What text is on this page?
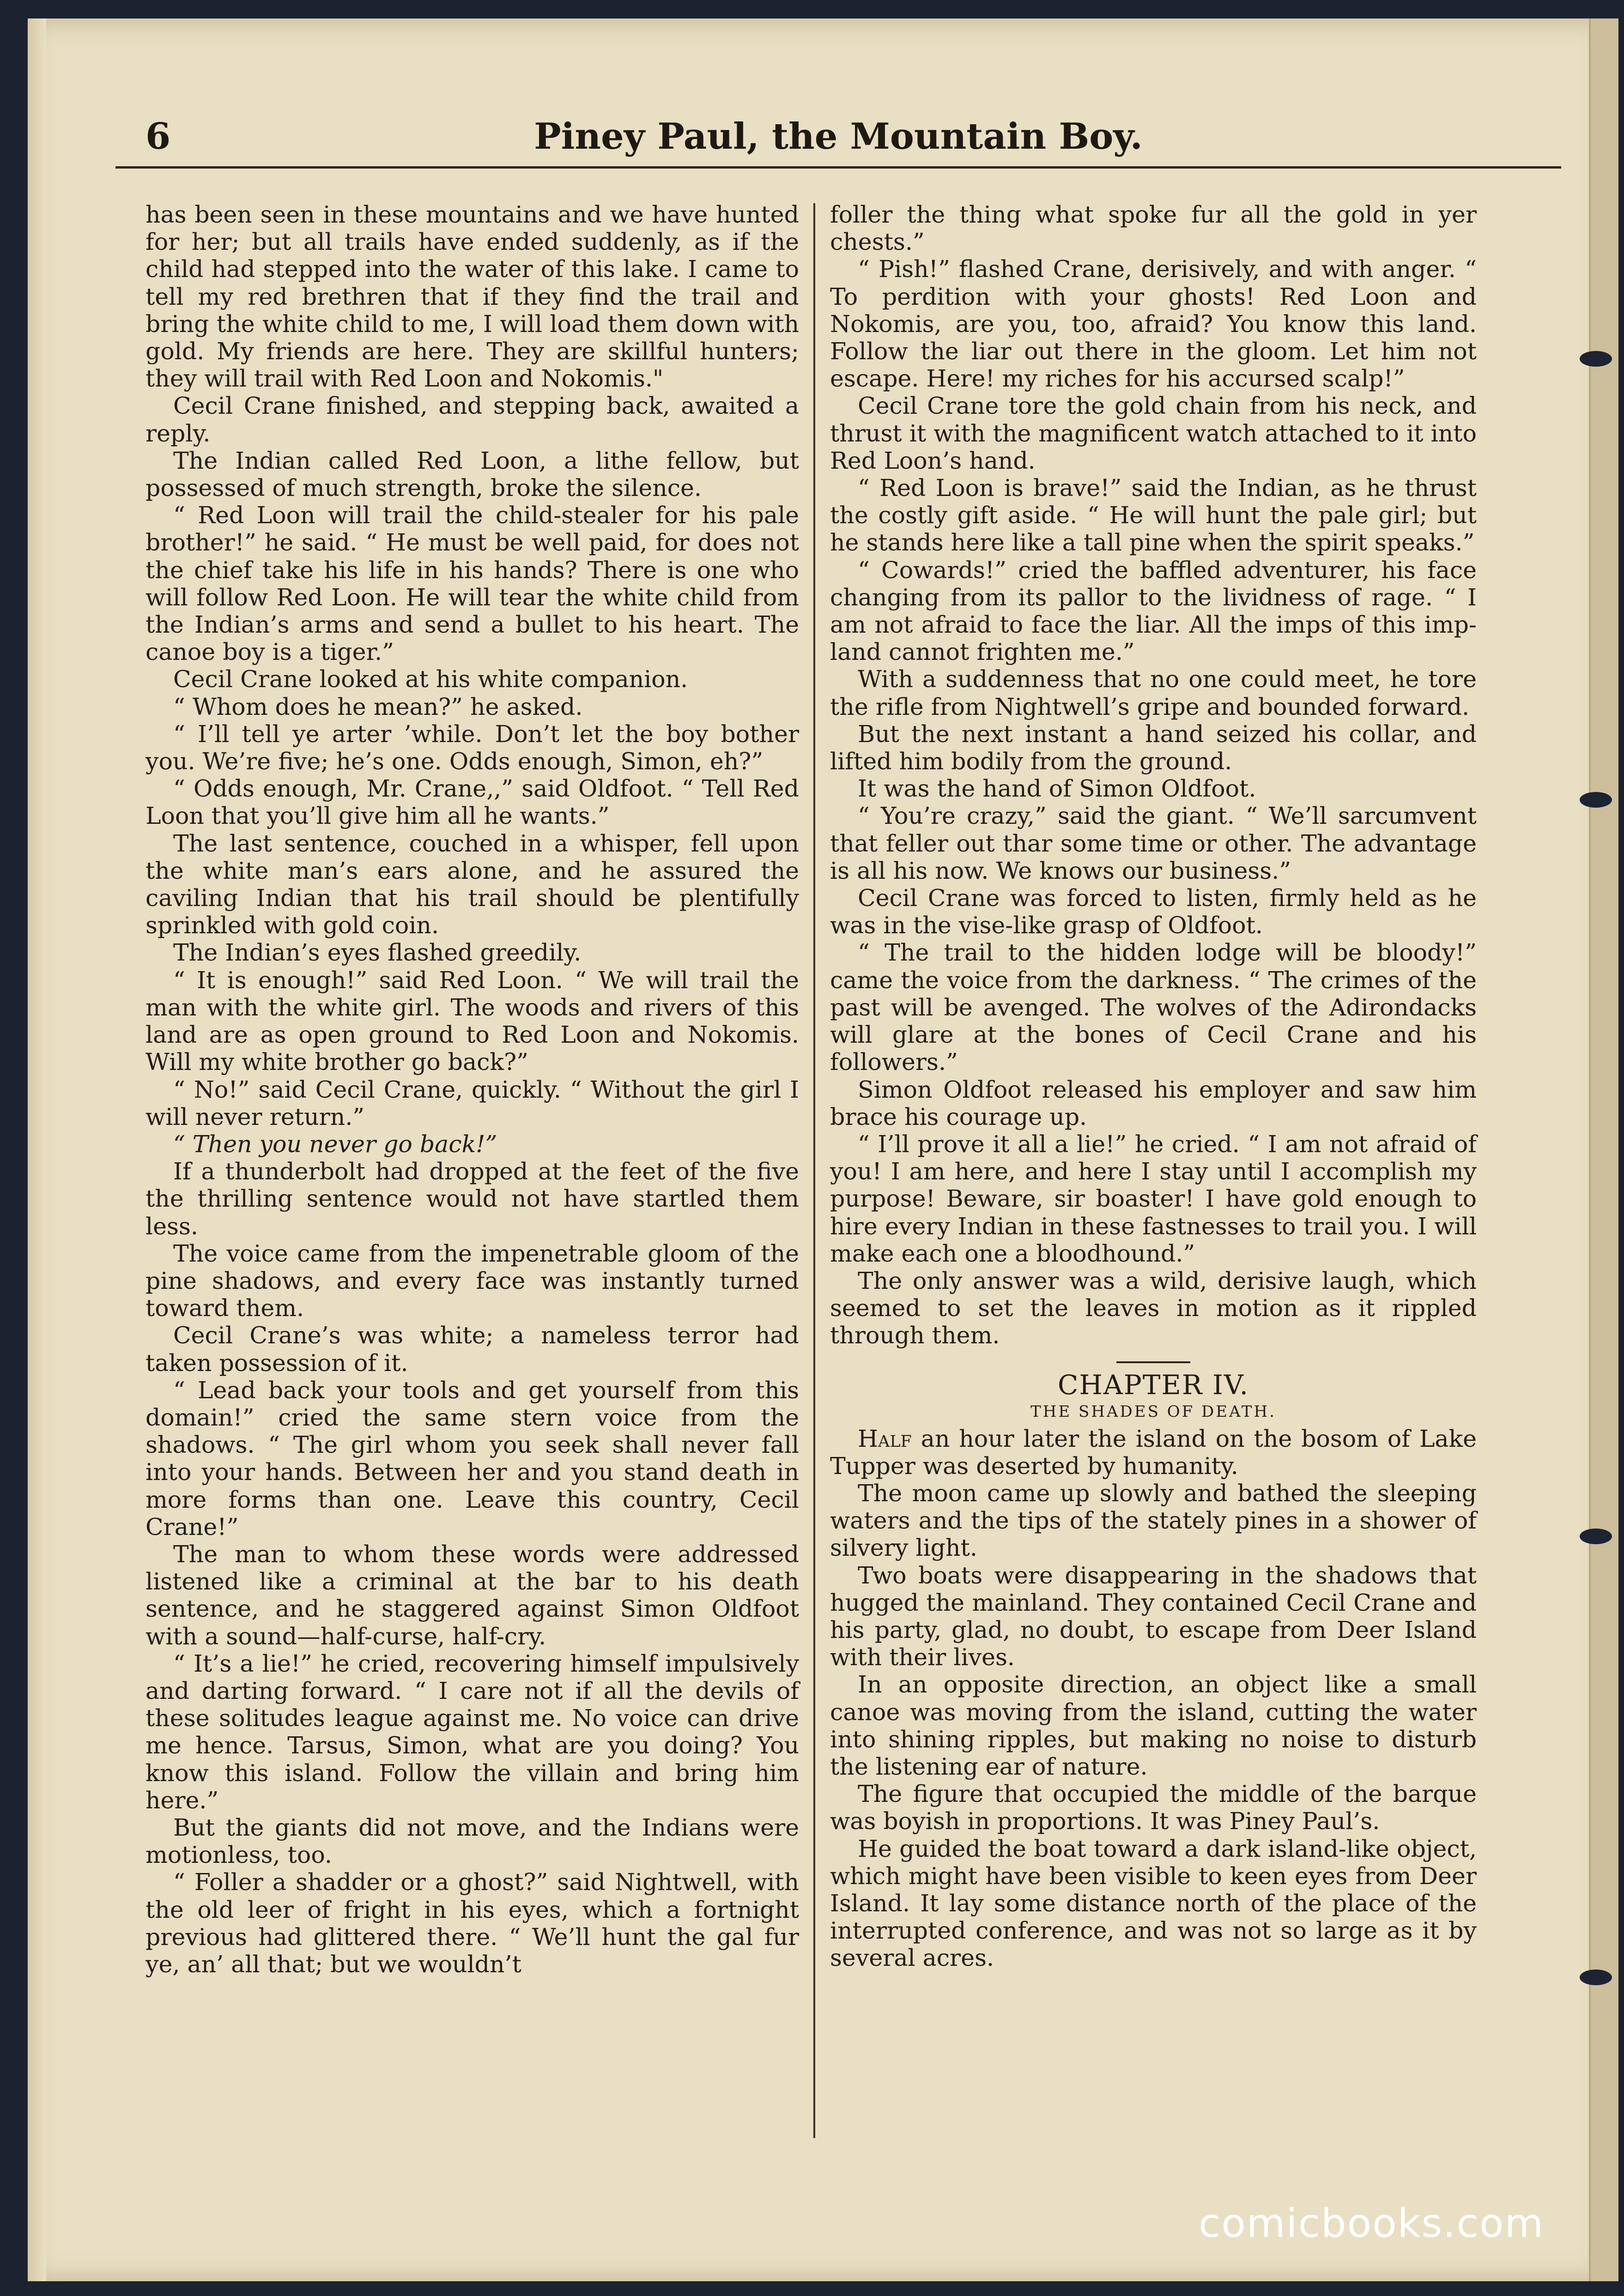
6	Piney Paul, the Mountain Boy.

has been seen in these mountains and we have hunted for her; but all trails have ended suddenly, as if the child had stepped into the water of this lake. I came to tell my red brethren that if they find the trail and bring the white child to me, I will load them down with gold. My friends are here. They are skillful hunters; they will trail with Red Loon and Nokomis."

Cecil Crane finished, and stepping back, awaited a reply.

The Indian called Red Loon, a lithe fellow, but possessed of much strength, broke the silence.

“ Red Loon will trail the child-stealer for his pale brother!” he said. “ He must be well paid, for does not the chief take his life in his hands? There is one who will follow Red Loon. He will tear the white child from the Indian’s arms and send a bullet to his heart. The canoe boy is a tiger.”

Cecil Crane looked at his white companion.

“ Whom does he mean?” he asked.

“ I’ll tell ye arter ’while. Don’t let the boy bother you. We’re five; he’s one. Odds enough, Simon, eh?”

“ Odds enough, Mr. Crane,,” said Oldfoot. “ Tell Red Loon that you’ll give him all he wants.”

The last sentence, couched in a whisper, fell upon the white man’s ears alone, and he assured the caviling Indian that his trail should be plentifully sprinkled with gold coin.

The Indian’s eyes flashed greedily.

“ It is enough!” said Red Loon. “ We will trail the man with the white girl. The woods and rivers of this land are as open ground to Red Loon and Nokomis. Will my white brother go back?”

“ No!” said Cecil Crane, quickly. “ Without the girl I will never return.”

“ Then you never go back!”

If a thunderbolt had dropped at the feet of the five the thrilling sentence would not have startled them less.

The voice came from the impenetrable gloom of the pine shadows, and every face was instantly turned toward them.

Cecil Crane’s was white; a nameless terror had taken possession of it.

“ Lead back your tools and get yourself from this domain!” cried the same stern voice from the shadows. “ The girl whom you seek shall never fall into your hands. Between her and you stand death in more forms than one. Leave this country, Cecil Crane!”

The man to whom these words were addressed listened like a criminal at the bar to his death sentence, and he staggered against Simon Oldfoot with a sound—half-curse, half-cry.

“ It’s a lie!” he cried, recovering himself impulsively and darting forward. “ I care not if all the devils of these solitudes league against me. No voice can drive me hence. Tarsus, Simon, what are you doing? You know this island. Follow the villain and bring him here.”

But the giants did not move, and the Indians were motionless, too.

“ Foller a shadder or a ghost?” said Nightwell, with the old leer of fright in his eyes, which a fortnight previous had glittered there. “ We’ll hunt the gal fur ye, an’ all that; but we wouldn’t

foller the thing what spoke fur all the gold in yer chests.”

“ Pish!” flashed Crane, derisively, and with anger. “ To perdition with your ghosts! Red Loon and Nokomis, are you, too, afraid? You know this land. Follow the liar out there in the gloom. Let him not escape. Here! my riches for his accursed scalp!”

Cecil Crane tore the gold chain from his neck, and thrust it with the magnificent watch attached to it into Red Loon’s hand.

“ Red Loon is brave!” said the Indian, as he thrust the costly gift aside. “ He will hunt the pale girl; but he stands here like a tall pine when the spirit speaks.”

“ Cowards!” cried the baffled adventurer, his face changing from its pallor to the lividness of rage. “ I am not afraid to face the liar. All the imps of this imp-land cannot frighten me.”

With a suddenness that no one could meet, he tore the rifle from Nightwell’s gripe and bounded forward.

But the next instant a hand seized his collar, and lifted him bodily from the ground.

It was the hand of Simon Oldfoot.

“ You’re crazy,” said the giant. “ We’ll sarcumvent that feller out thar some time or other. The advantage is all his now. We knows our business.”

Cecil Crane was forced to listen, firmly held as he was in the vise-like grasp of Oldfoot.

“ The trail to the hidden lodge will be bloody!” came the voice from the darkness. “ The crimes of the past will be avenged. The wolves of the Adirondacks will glare at the bones of Cecil Crane and his followers.”

Simon Oldfoot released his employer and saw him brace his courage up.

“ I’ll prove it all a lie!” he cried. “ I am not afraid of you! I am here, and here I stay until I accomplish my purpose! Beware, sir boaster! I have gold enough to hire every Indian in these fastnesses to trail you. I will make each one a bloodhound.”

The only answer was a wild, derisive laugh, which seemed to set the leaves in motion as it rippled through them.

CHAPTER IV.
THE SHADES OF DEATH.

Half an hour later the island on the bosom of Lake Tupper was deserted by humanity.

The moon came up slowly and bathed the sleeping waters and the tips of the stately pines in a shower of silvery light.

Two boats were disappearing in the shadows that hugged the mainland. They contained Cecil Crane and his party, glad, no doubt, to escape from Deer Island with their lives.

In an opposite direction, an object like a small canoe was moving from the island, cutting the water into shining ripples, but making no noise to disturb the listening ear of nature.

The figure that occupied the middle of the barque was boyish in proportions. It was Piney Paul’s.

He guided the boat toward a dark island-like object, which might have been visible to keen eyes from Deer Island. It lay some distance north of the place of the interrupted conference, and was not so large as it by several acres.

comicbooks.com
